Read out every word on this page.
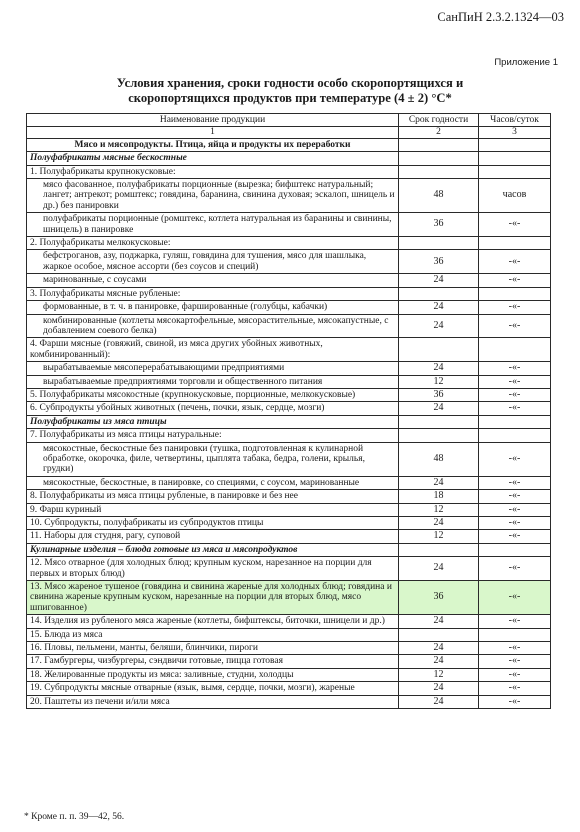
СанПиН 2.3.2.1324—03
Приложение 1
Условия хранения, сроки годности особо скоропортящихся и
скоропортящихся продуктов при температуре (4 ± 2) °С*
Наименование продукции	Срок годности	Часов/суток
1	2	3
Мясо и мясопродукты. Птица, яйца и продукты их переработки		
Полуфабрикаты мясные бескостные		
1. Полуфабрикаты крупнокусковые:		
мясо фасованное, полуфабрикаты порционные (вырезка; бифштекс натуральный; лангет; антрекот; ромштекс; говядина, баранина, свинина духовая; эскалоп, шницель и др.) без панировки	48	часов
полуфабрикаты порционные (ромштекс, котлета натуральная из баранины и свинины, шницель) в панировке	36	-«-
2. Полуфабрикаты мелкокусковые:		
бефстроганов, азу, поджарка, гуляш, говядина для тушения, мясо для шашлыка, жаркое особое, мясное ассорти (без соусов и специй)	36	-«-
маринованные, с соусами	24	-«-
3. Полуфабрикаты мясные рубленые:		
формованные, в т. ч. в панировке, фаршированные (голубцы, кабачки)	24	-«-
комбинированные (котлеты мясокартофельные, мясорастительные, мясокапустные, с добавлением соевого белка)	24	-«-
4. Фарши мясные (говяжий, свиной, из мяса других убойных животных, комбинированный):		
вырабатываемые мясоперерабатывающими предприятиями	24	-«-
вырабатываемые предприятиями торговли и общественного питания	12	-«-
5. Полуфабрикаты мясокостные (крупнокусковые, порционные, мелкокусковые)	36	-«-
6. Субпродукты убойных животных (печень, почки, язык, сердце, мозги)	24	-«-
Полуфабрикаты из мяса птицы		
7. Полуфабрикаты из мяса птицы натуральные:		
мясокостные, бескостные без панировки (тушка, подготовленная к кулинарной обработке, окорочка, филе, четвертины, цыплята табака, бедра, голени, крылья, грудки)	48	-«-
мясокостные, бескостные, в панировке, со специями, с соусом, маринованные	24	-«-
8. Полуфабрикаты из мяса птицы рубленые, в панировке и без нее	18	-«-
9. Фарш куриный	12	-«-
10. Субпродукты, полуфабрикаты из субпродуктов птицы	24	-«-
11. Наборы для студня, рагу, суповой	12	-«-
Кулинарные изделия – блюда готовые из мяса и мясопродуктов		
12. Мясо отварное (для холодных блюд; крупным куском, нарезанное на порции для первых и вторых блюд)	24	-«-
13. Мясо жареное тушеное (говядина и свинина жареные для холодных блюд; говядина и свинина жареные крупным куском, нарезанные на порции для вторых блюд, мясо шпигованное)	36	-«-
14. Изделия из рубленого мяса жареные (котлеты, бифштексы, биточки, шницели и др.)	24	-«-
15. Блюда из мяса		
16. Пловы, пельмени, манты, беляши, блинчики, пироги	24	-«-
17. Гамбургеры, чизбургеры, сэндвичи готовые, пицца готовая	24	-«-
18. Желированные продукты из мяса: заливные, студни, холодцы	12	-«-
19. Субпродукты мясные отварные (язык, вымя, сердце, почки, мозги), жареные	24	-«-
20. Паштеты из печени и/или мяса	24	-«-
* Кроме п. п. 39—42, 56.
